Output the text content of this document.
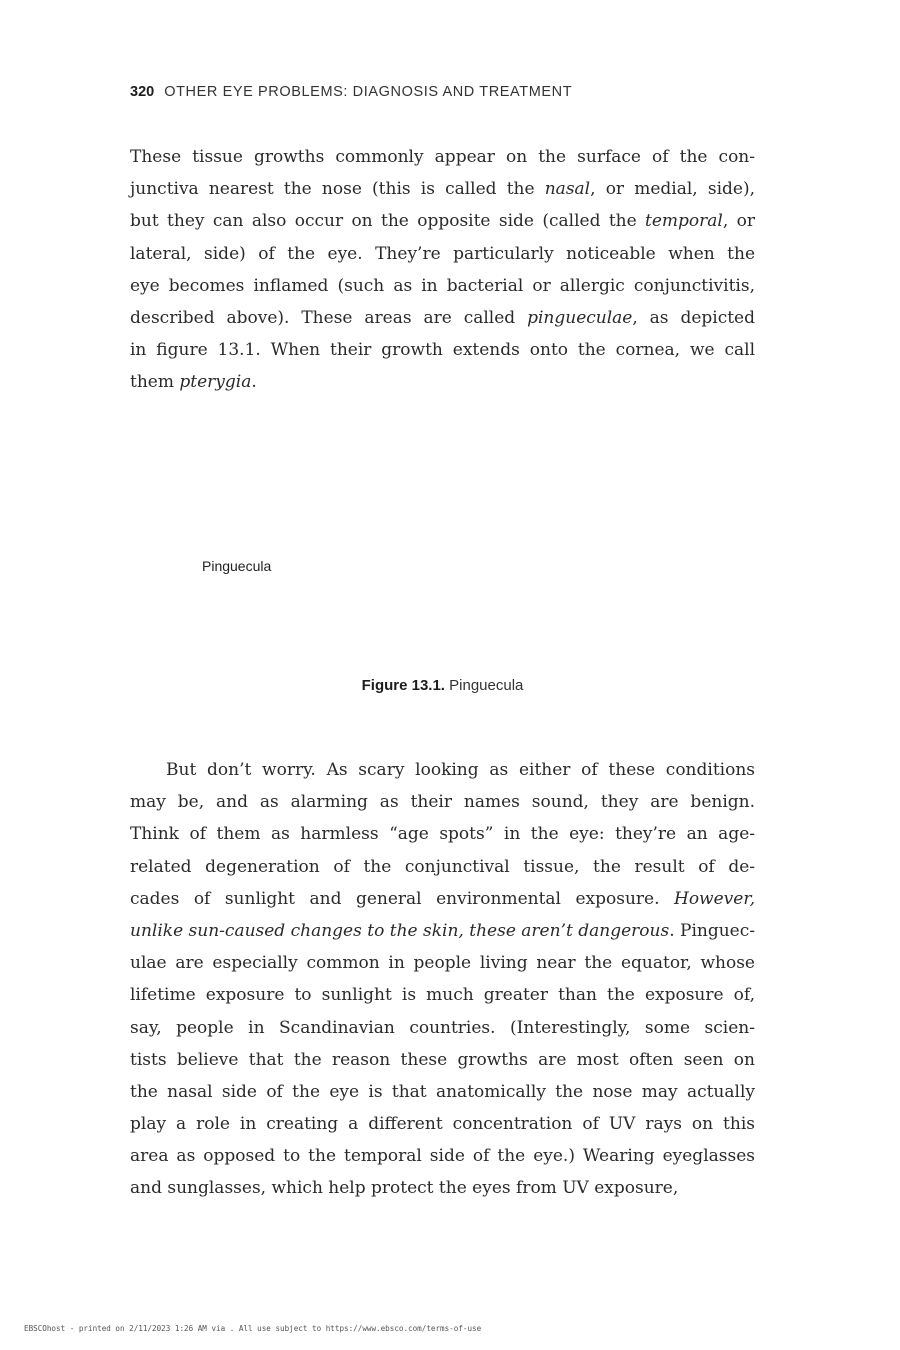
320 OTHER EYE PROBLEMS: DIAGNOSIS AND TREATMENT
These tissue growths commonly appear on the surface of the con-
junctiva nearest the nose (this is called the nasal, or medial, side),
but they can also occur on the opposite side (called the temporal, or
lateral, side) of the eye. They’re particularly noticeable when the
eye becomes inflamed (such as in bacterial or allergic conjunctivitis,
described above). These areas are called pingueculae, as depicted
in figure 13.1. When their growth extends onto the cornea, we call
them pterygia.
Pinguecula
Figure 13.1. Pinguecula
But don’t worry. As scary looking as either of these conditions
may be, and as alarming as their names sound, they are benign.
Think of them as harmless “age spots” in the eye: they’re an age-
related degeneration of the conjunctival tissue, the result of de-
cades of sunlight and general environmental exposure. However,
unlike sun-caused changes to the skin, these aren’t dangerous. Pinguec-
ulae are especially common in people living near the equator, whose
lifetime exposure to sunlight is much greater than the exposure of,
say, people in Scandinavian countries. (Interestingly, some scien-
tists believe that the reason these growths are most often seen on
the nasal side of the eye is that anatomically the nose may actually
play a role in creating a different concentration of UV rays on this
area as opposed to the temporal side of the eye.) Wearing eyeglasses
and sunglasses, which help protect the eyes from UV exposure,
EBSCOhost - printed on 2/11/2023 1:26 AM via . All use subject to https://www.ebsco.com/terms-of-use
